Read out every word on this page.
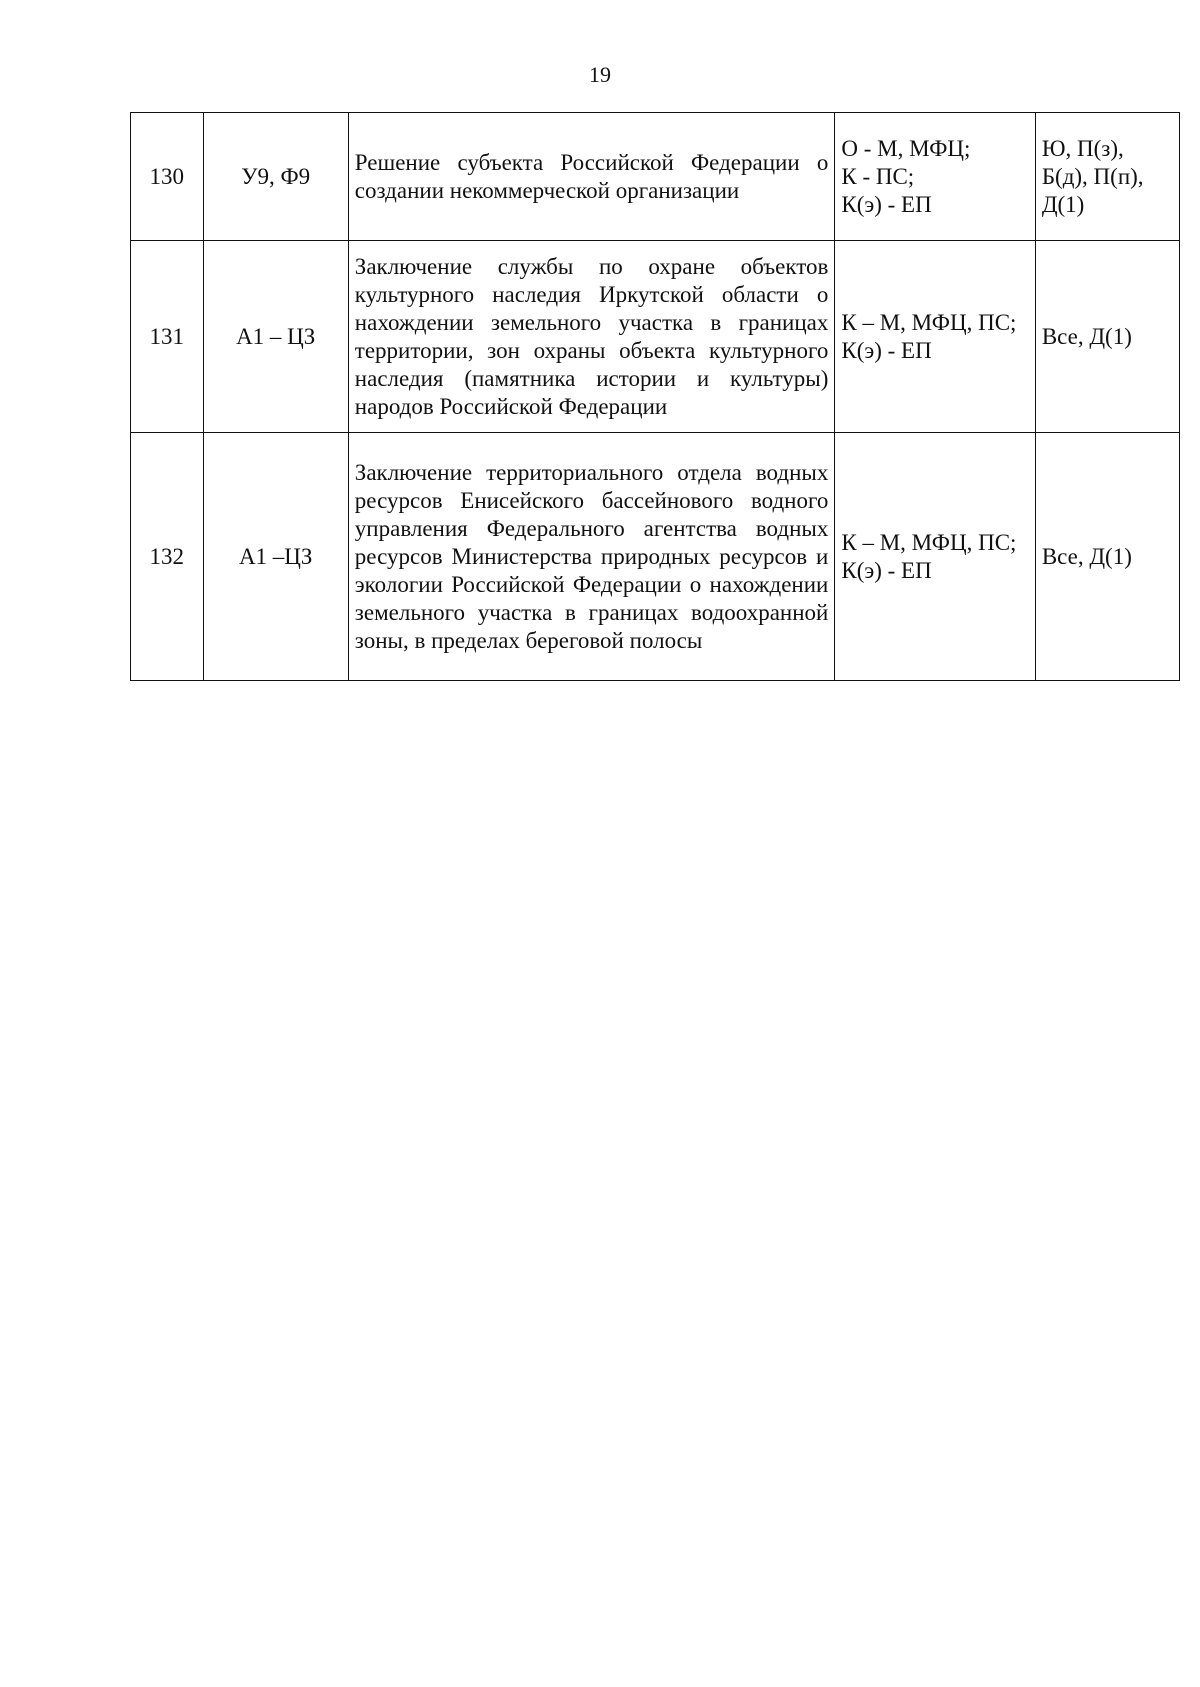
19
130	У9, Ф9	Решение субъекта Российской Федерации о создании некоммерческой организации	О - М, МФЦ;
К - ПС;
К(э) - ЕП	Ю, П(з),
Б(д), П(п),
Д(1)

131	А1 – ЦЗ	Заключение службы по охране объектов культурного наследия Иркутской области о нахождении земельного участка в границах территории, зон охраны объекта культурного наследия (памятника истории и культуры) народов Российской Федерации	К – М, МФЦ, ПС;
К(э) - ЕП	Все, Д(1)

132	А1 –ЦЗ	Заключение территориального отдела водных ресурсов Енисейского бассейнового водного управления Федерального агентства водных ресурсов Министерства природных ресурсов и экологии Российской Федерации о нахождении земельного участка в границах водоохранной зоны, в пределах береговой полосы	К – М, МФЦ, ПС;
К(э) - ЕП	Все, Д(1)
